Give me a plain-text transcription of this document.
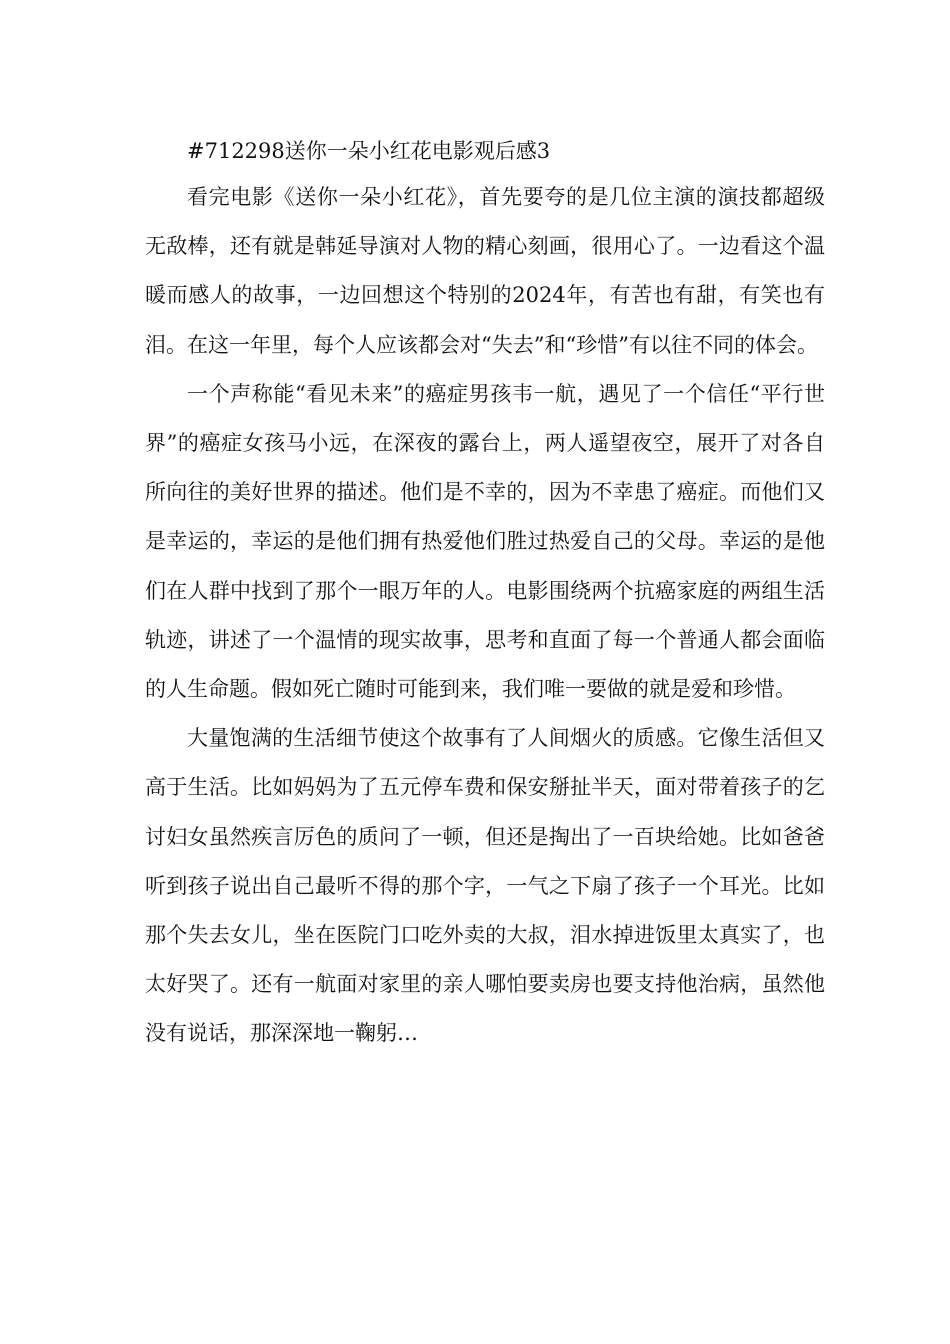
#712298送你一朵小红花电影观后感3

看完电影《送你一朵小红花》，首先要夸的是几位主演的演技都超级无敌棒，还有就是韩延导演对人物的精心刻画，很用心了。一边看这个温暖而感人的故事，一边回想这个特别的2024年，有苦也有甜，有笑也有泪。在这一年里，每个人应该都会对“失去”和“珍惜”有以往不同的体会。

一个声称能“看见未来”的癌症男孩韦一航，遇见了一个信任“平行世界”的癌症女孩马小远，在深夜的露台上，两人遥望夜空，展开了对各自所向往的美好世界的描述。他们是不幸的，因为不幸患了癌症。而他们又是幸运的，幸运的是他们拥有热爱他们胜过热爱自己的父母。幸运的是他们在人群中找到了那个一眼万年的人。电影围绕两个抗癌家庭的两组生活轨迹，讲述了一个温情的现实故事，思考和直面了每一个普通人都会面临的人生命题。假如死亡随时可能到来，我们唯一要做的就是爱和珍惜。

大量饱满的生活细节使这个故事有了人间烟火的质感。它像生活但又高于生活。比如妈妈为了五元停车费和保安掰扯半天，面对带着孩子的乞讨妇女虽然疾言厉色的质问了一顿，但还是掏出了一百块给她。比如爸爸听到孩子说出自己最听不得的那个字，一气之下扇了孩子一个耳光。比如那个失去女儿，坐在医院门口吃外卖的大叔，泪水掉进饭里太真实了，也太好哭了。还有一航面对家里的亲人哪怕要卖房也要支持他治病，虽然他没有说话，那深深地一鞠躬…
